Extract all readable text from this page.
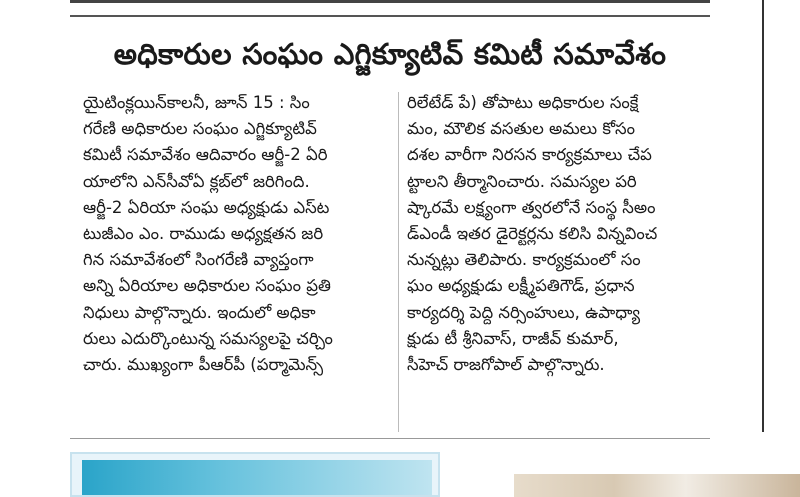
అధికారుల సంఘం ఎగ్జిక్యూటివ్ కమిటీ సమావేశం
యైటింక్లయిన్‌కాలనీ, జూన్ 15 : సిం
గరేణి అధికారుల సంఘం ఎగ్జిక్యూటివ్
కమిటీ సమావేశం ఆదివారం ఆర్జీ-2 ఏరి
యాలోని ఎన్‌సీవోఏ క్లబ్‌లో జరిగింది.
ఆర్జీ-2 ఏరియా సంఘ అధ్యక్షుడు ఎస్‌ట
టుజీఎం ఎం. రాముడు అధ్యక్షతన జరి
గిన సమావేశంలో సింగరేణి వ్యాప్తంగా
అన్ని ఏరియాల అధికారుల సంఘం ప్రతి
నిధులు పాల్గొన్నారు. ఇందులో అధికా
రులు ఎదుర్కొంటున్న సమస్యలపై చర్చిం
చారు. ముఖ్యంగా పీఆర్‌పీ (పర్మామెన్స్
రిలేటేడ్ పే) తోపాటు అధికారుల సంక్షే
మం, మౌలిక వసతుల అమలు కోసం
దశల వారీగా నిరసన కార్యక్రమాలు చేప
ట్టాలని తీర్మానించారు. సమస్యల పరి
ష్కారమే లక్ష్యంగా త్వరలోనే సంస్థ సీఅం
డ్‌ఎండీ ఇతర డైరెక్టర్లను కలిసి విన్నవించ
నున్నట్లు తెలిపారు. కార్యక్రమంలో సం
ఘం అధ్యక్షుడు లక్ష్మీపతిగౌడ్, ప్రధాన
కార్యదర్శి పెద్ది నర్సింహులు, ఉపాధ్యా
క్షుడు టీ శ్రీనివాస్, రాజీవ్ కుమార్,
సీహెచ్ రాజగోపాల్ పాల్గొన్నారు.
